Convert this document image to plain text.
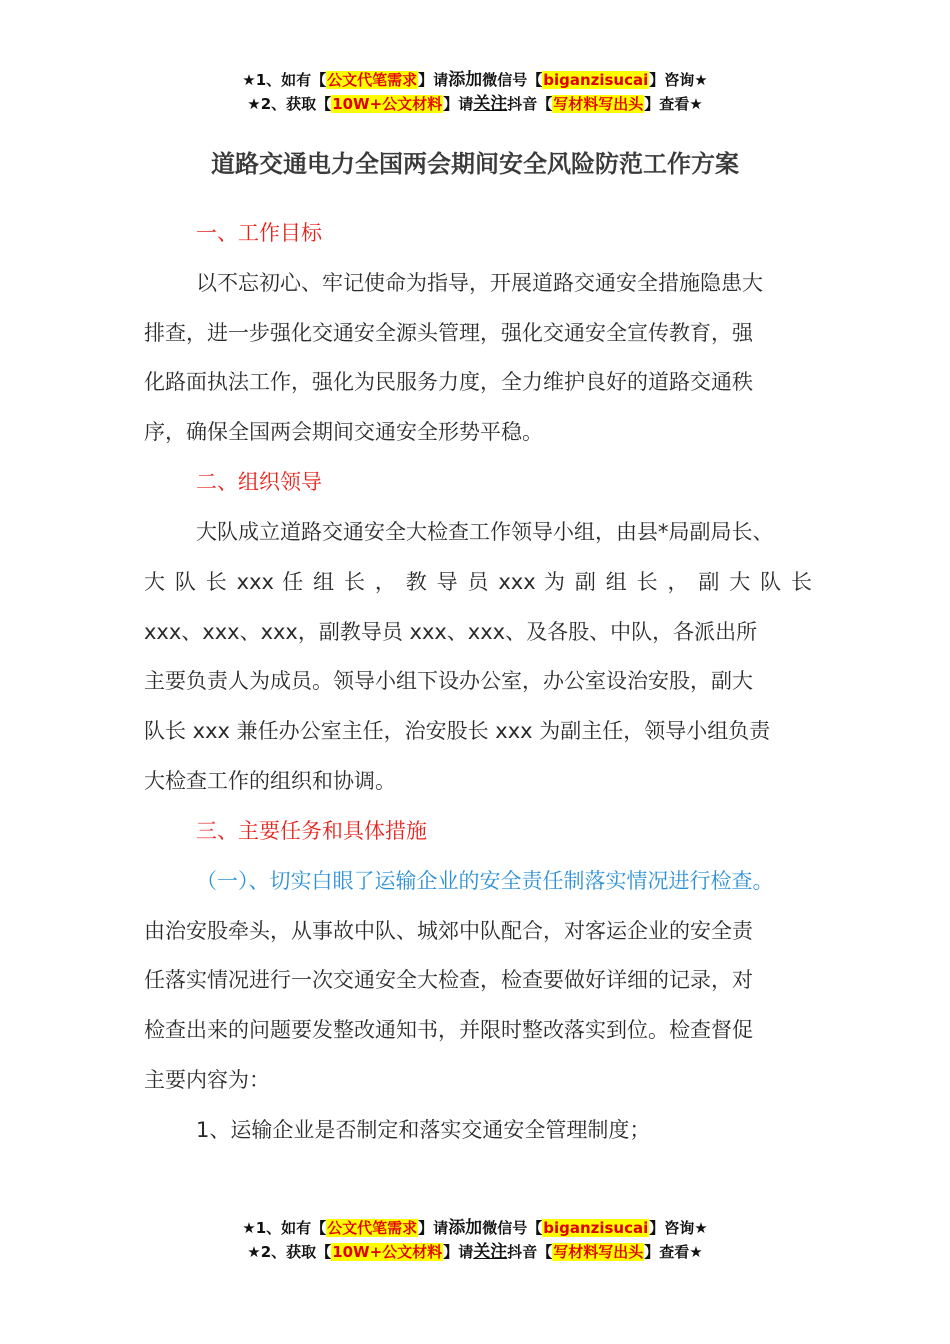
★1、如有【公文代笔需求】请添加微信号【biganzisucai】咨询★
★2、获取【10W+公文材料】请关注抖音【写材料写出头】查看★
道路交通电力全国两会期间安全风险防范工作方案
一、工作目标
以不忘初心、牢记使命为指导，开展道路交通安全措施隐患大
排查，进一步强化交通安全源头管理，强化交通安全宣传教育，强
化路面执法工作，强化为民服务力度，全力维护良好的道路交通秩
序，确保全国两会期间交通安全形势平稳。
二、组织领导
大队成立道路交通安全大检查工作领导小组，由县*局副局长、
大 队 长 xxx 任 组 长 ， 教 导 员 xxx 为 副 组 长 ， 副 大 队 长
xxx、xxx、xxx，副教导员 xxx、xxx、及各股、中队，各派出所
主要负责人为成员。领导小组下设办公室，办公室设治安股，副大
队长 xxx 兼任办公室主任，治安股长 xxx 为副主任，领导小组负责
大检查工作的组织和协调。
三、主要任务和具体措施
（一）、切实白眼了运输企业的安全责任制落实情况进行检查。
由治安股牵头，从事故中队、城郊中队配合，对客运企业的安全责
任落实情况进行一次交通安全大检查，检查要做好详细的记录，对
检查出来的问题要发整改通知书，并限时整改落实到位。检查督促
主要内容为：
1、运输企业是否制定和落实交通安全管理制度；
★1、如有【公文代笔需求】请添加微信号【biganzisucai】咨询★
★2、获取【10W+公文材料】请关注抖音【写材料写出头】查看★
